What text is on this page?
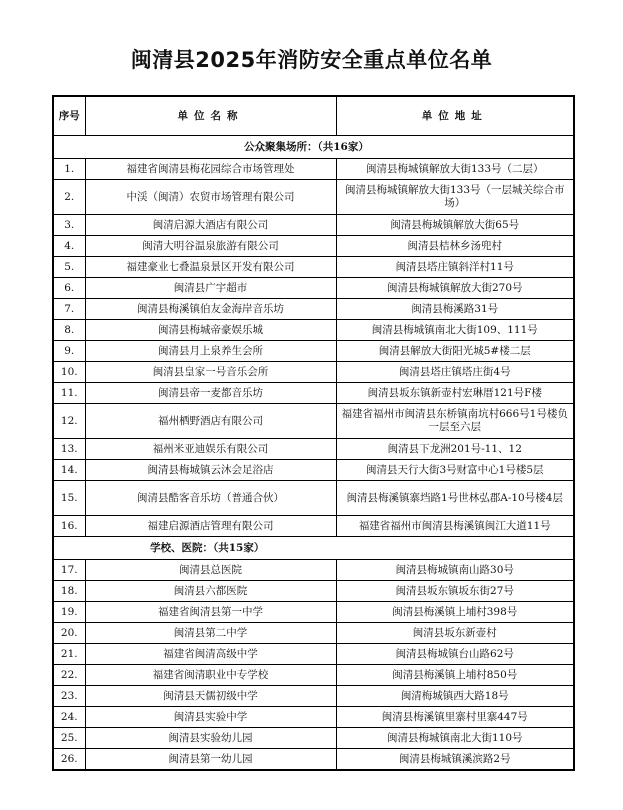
闽清县2025年消防安全重点单位名单
序号	单位名称	单位地址
公众聚集场所：（共16家）		
1.	福建省闽清县梅花园综合市场管理处	闽清县梅城镇解放大街133号（二层）
2.	中渓（闽清）农贸市场管理有限公司	闽清县梅城镇解放大街133号（一层城关综合市场）
3.	闽清启源大酒店有限公司	闽清县梅城镇解放大街65号
4.	闽清大明谷温泉旅游有限公司	闽清县桔林乡汤兜村
5.	福建豪业七叠温泉景区开发有限公司	闽清县塔庄镇斜洋村11号
6.	闽清县广宇超市	闽清县梅城镇解放大街270号
7.	闽清县梅溪镇伯友金海岸音乐坊	闽清县梅溪路31号
8.	闽清县梅城帝豪娱乐城	闽清县梅城镇南北大街109、111号
9.	闽清县月上泉养生会所	闽清县解放大街阳光城5#楼二层
10.	闽清县皇家一号音乐会所	闽清县塔庄镇塔庄街4号
11.	闽清县帝一麦都音乐坊	闽清县坂东镇新壶村宏琳厝121号F楼
12.	福州栖野酒店有限公司	福建省福州市闽清县东桥镇南坑村666号1号楼负一层至六层
13.	福州米亚迪娱乐有限公司	闽清县下龙洲201号-11、12
14.	闽清县梅城镇云沐会足浴店	闽清县天行大街3号财富中心1号楼5层
15.	闽清县酷客音乐坊（普通合伙）	闽清县梅溪镇寨垱路1号世林弘郡A-10号楼4层
16.	福建启源酒店管理有限公司	福建省福州市闽清县梅溪镇闽江大道11号
学校、医院：（共15家）		
17.	闽清县总医院	闽清县梅城镇南山路30号
18.	闽清县六都医院	闽清县坂东镇坂东街27号
19.	福建省闽清县第一中学	闽清县梅溪镇上埔村398号
20.	闽清县第二中学	闽清县坂东新壶村
21.	福建省闽清高级中学	闽清县梅城镇台山路62号
22.	福建省闽清职业中专学校	闽清县梅溪镇上埔村850号
23.	闽清县天儒初级中学	闽清梅城镇西大路18号
24.	闽清县实验中学	闽清县梅溪镇里寨村里寨447号
25.	闽清县实验幼儿园	闽清县梅城镇南北大街110号
26.	闽清县第一幼儿园	闽清县梅城镇溪滨路2号
